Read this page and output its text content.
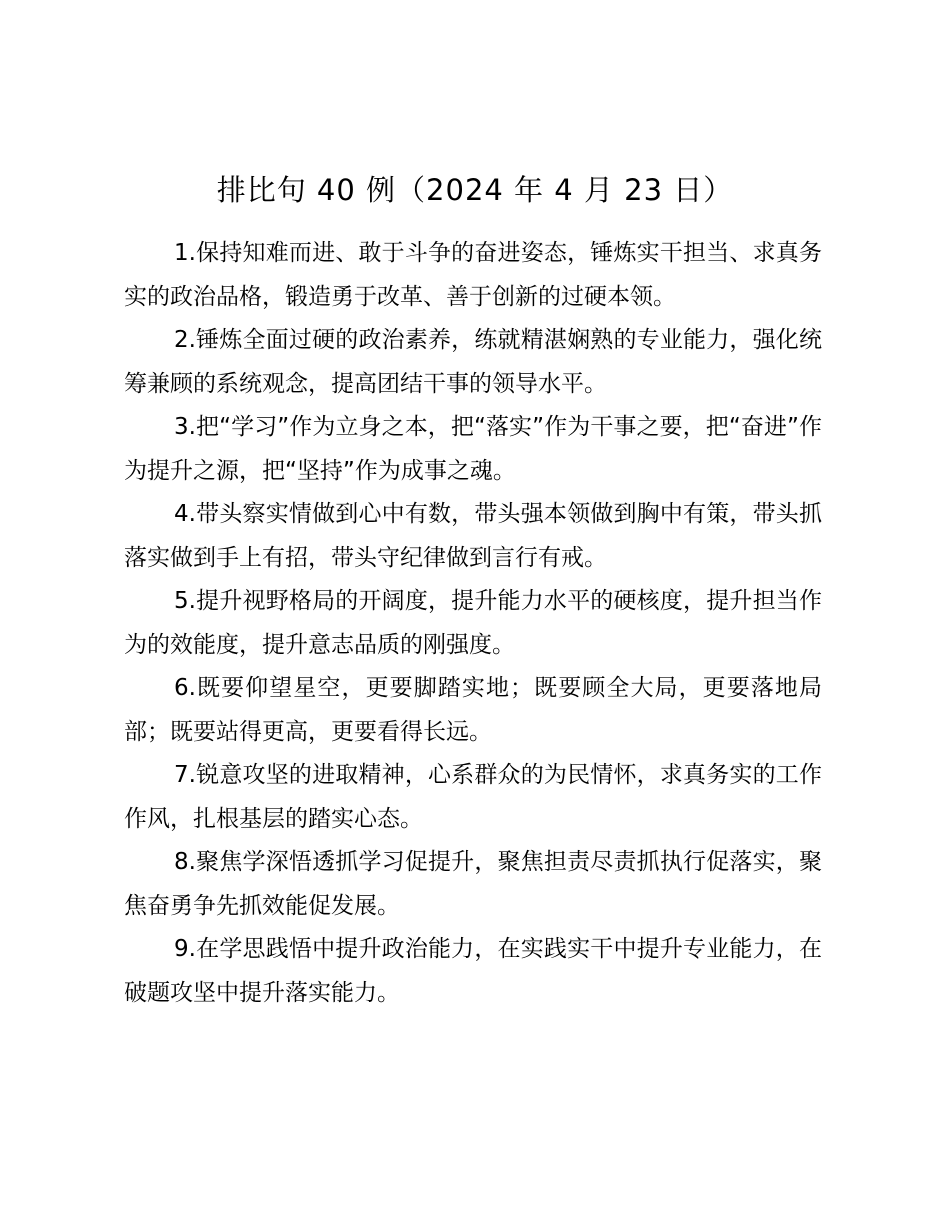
排比句 40 例（2024 年 4 月 23 日）

1.保持知难而进、敢于斗争的奋进姿态，锤炼实干担当、求真务实的政治品格，锻造勇于改革、善于创新的过硬本领。

2.锤炼全面过硬的政治素养，练就精湛娴熟的专业能力，强化统筹兼顾的系统观念，提高团结干事的领导水平。

3.把“学习”作为立身之本，把“落实”作为干事之要，把“奋进”作为提升之源，把“坚持”作为成事之魂。

4.带头察实情做到心中有数，带头强本领做到胸中有策，带头抓落实做到手上有招，带头守纪律做到言行有戒。

5.提升视野格局的开阔度，提升能力水平的硬核度，提升担当作为的效能度，提升意志品质的刚强度。

6.既要仰望星空，更要脚踏实地；既要顾全大局，更要落地局部；既要站得更高，更要看得长远。

7.锐意攻坚的进取精神，心系群众的为民情怀，求真务实的工作作风，扎根基层的踏实心态。

8.聚焦学深悟透抓学习促提升，聚焦担责尽责抓执行促落实，聚焦奋勇争先抓效能促发展。

9.在学思践悟中提升政治能力，在实践实干中提升专业能力，在破题攻坚中提升落实能力。
